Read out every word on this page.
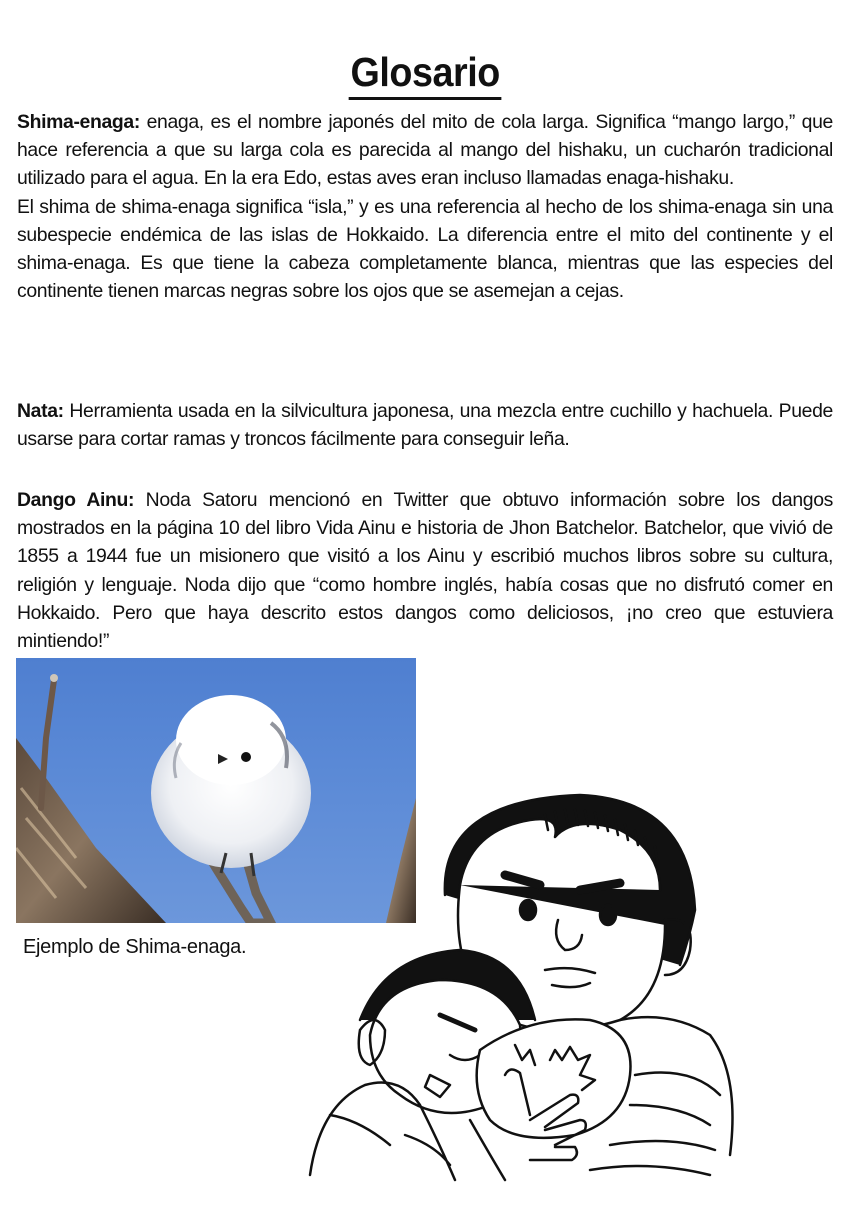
Glosario

Shima-enaga: enaga, es el nombre japonés del mito de cola larga. Significa “mango largo,” que hace referencia a que su larga cola es parecida al mango del hishaku, un cucharón tradicional utilizado para el agua. En la era Edo, estas aves eran incluso llamadas enaga-hishaku.

El shima de shima-enaga significa “isla,” y es una referencia al hecho de los shima-enaga sin una subespecie endémica de las islas de Hokkaido. La diferencia entre el mito del continente y el shima-enaga. Es que tiene la cabeza completamente blanca, mientras que las especies del continente tienen marcas negras sobre los ojos que se asemejan a cejas.

Nata: Herramienta usada en la silvicultura japonesa, una mezcla entre cuchillo y hachuela. Puede usarse para cortar ramas y troncos fácilmente para conseguir leña.

Dango Ainu: Noda Satoru mencionó en Twitter que obtuvo información sobre los dangos mostrados en la página 10 del libro Vida Ainu e historia de Jhon Batchelor. Batchelor, que vivió de 1855 a 1944 fue un misionero que visitó a los Ainu y escribió muchos libros sobre su cultura, religión y lenguaje. Noda dijo que “como hombre inglés, había cosas que no disfrutó comer en Hokkaido. Pero que haya descrito estos dangos como deliciosos, ¡no creo que estuviera mintiendo!”

Ejemplo de Shima-enaga.
